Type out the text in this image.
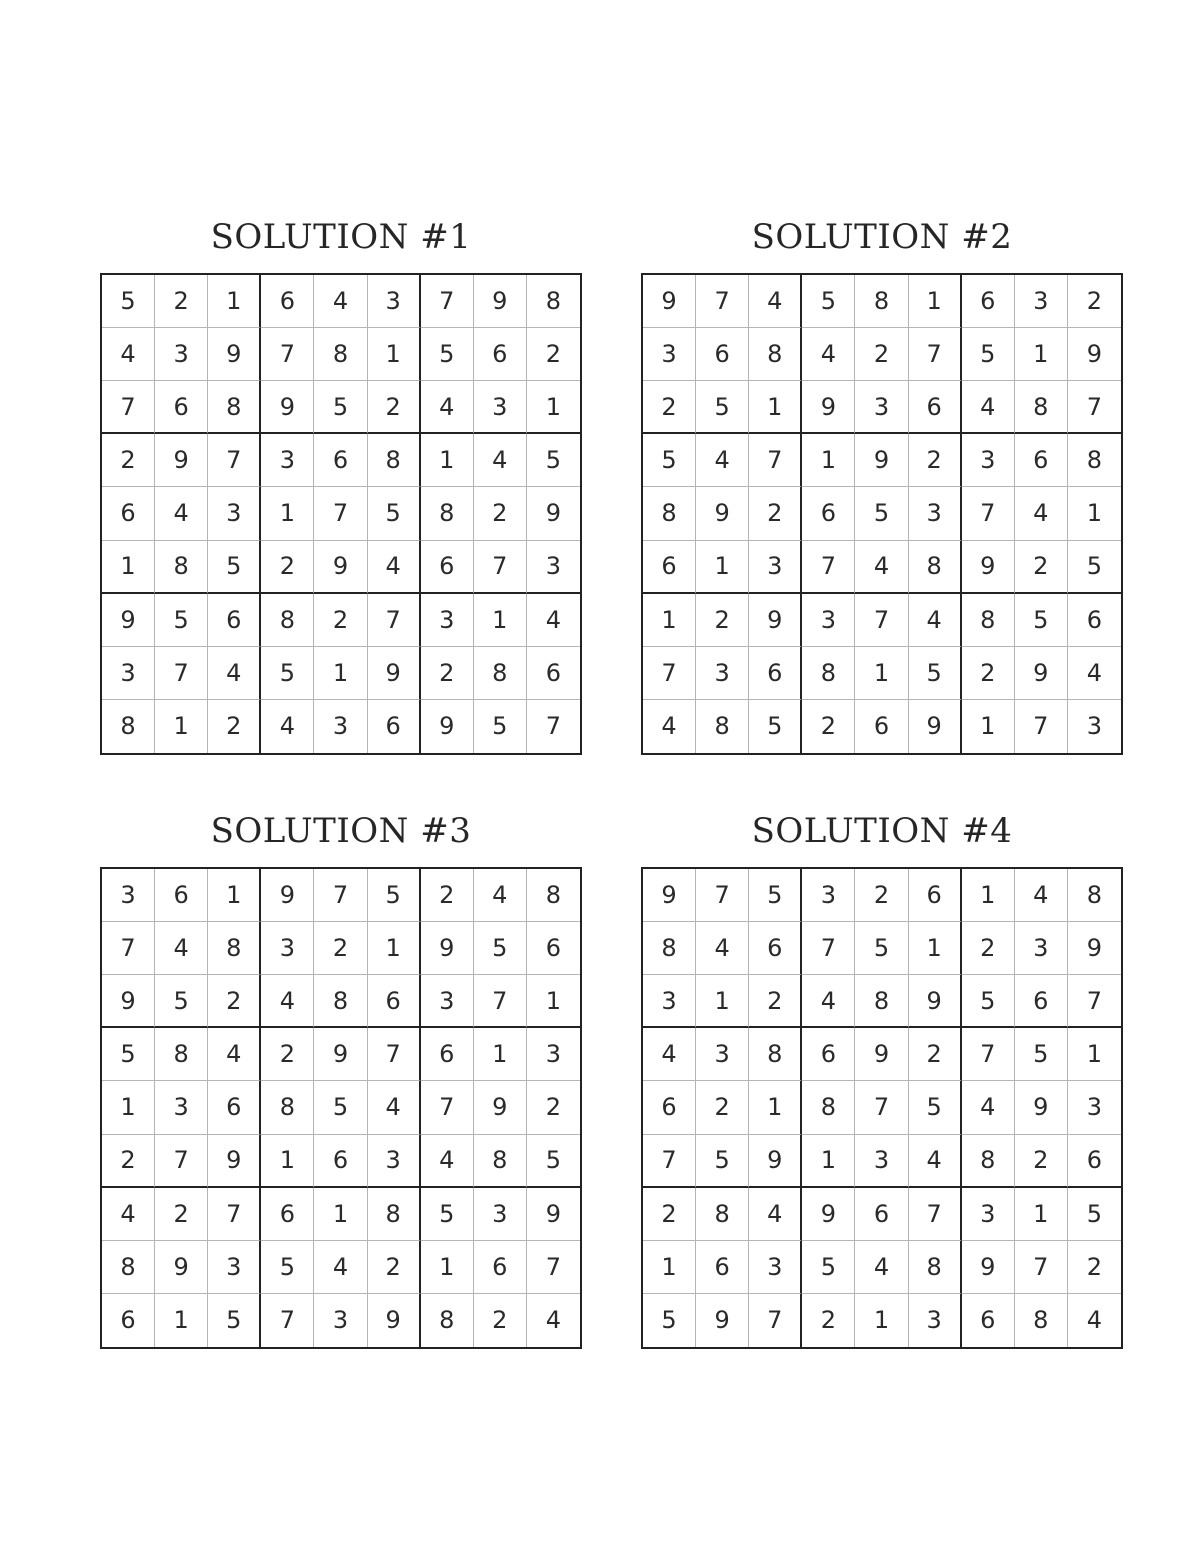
SOLUTION #1
5	2	1	6	4	3	7	9	8
4	3	9	7	8	1	5	6	2
7	6	8	9	5	2	4	3	1
2	9	7	3	6	8	1	4	5
6	4	3	1	7	5	8	2	9
1	8	5	2	9	4	6	7	3
9	5	6	8	2	7	3	1	4
3	7	4	5	1	9	2	8	6
8	1	2	4	3	6	9	5	7
SOLUTION #2
9	7	4	5	8	1	6	3	2
3	6	8	4	2	7	5	1	9
2	5	1	9	3	6	4	8	7
5	4	7	1	9	2	3	6	8
8	9	2	6	5	3	7	4	1
6	1	3	7	4	8	9	2	5
1	2	9	3	7	4	8	5	6
7	3	6	8	1	5	2	9	4
4	8	5	2	6	9	1	7	3
SOLUTION #3
3	6	1	9	7	5	2	4	8
7	4	8	3	2	1	9	5	6
9	5	2	4	8	6	3	7	1
5	8	4	2	9	7	6	1	3
1	3	6	8	5	4	7	9	2
2	7	9	1	6	3	4	8	5
4	2	7	6	1	8	5	3	9
8	9	3	5	4	2	1	6	7
6	1	5	7	3	9	8	2	4
SOLUTION #4
9	7	5	3	2	6	1	4	8
8	4	6	7	5	1	2	3	9
3	1	2	4	8	9	5	6	7
4	3	8	6	9	2	7	5	1
6	2	1	8	7	5	4	9	3
7	5	9	1	3	4	8	2	6
2	8	4	9	6	7	3	1	5
1	6	3	5	4	8	9	7	2
5	9	7	2	1	3	6	8	4
